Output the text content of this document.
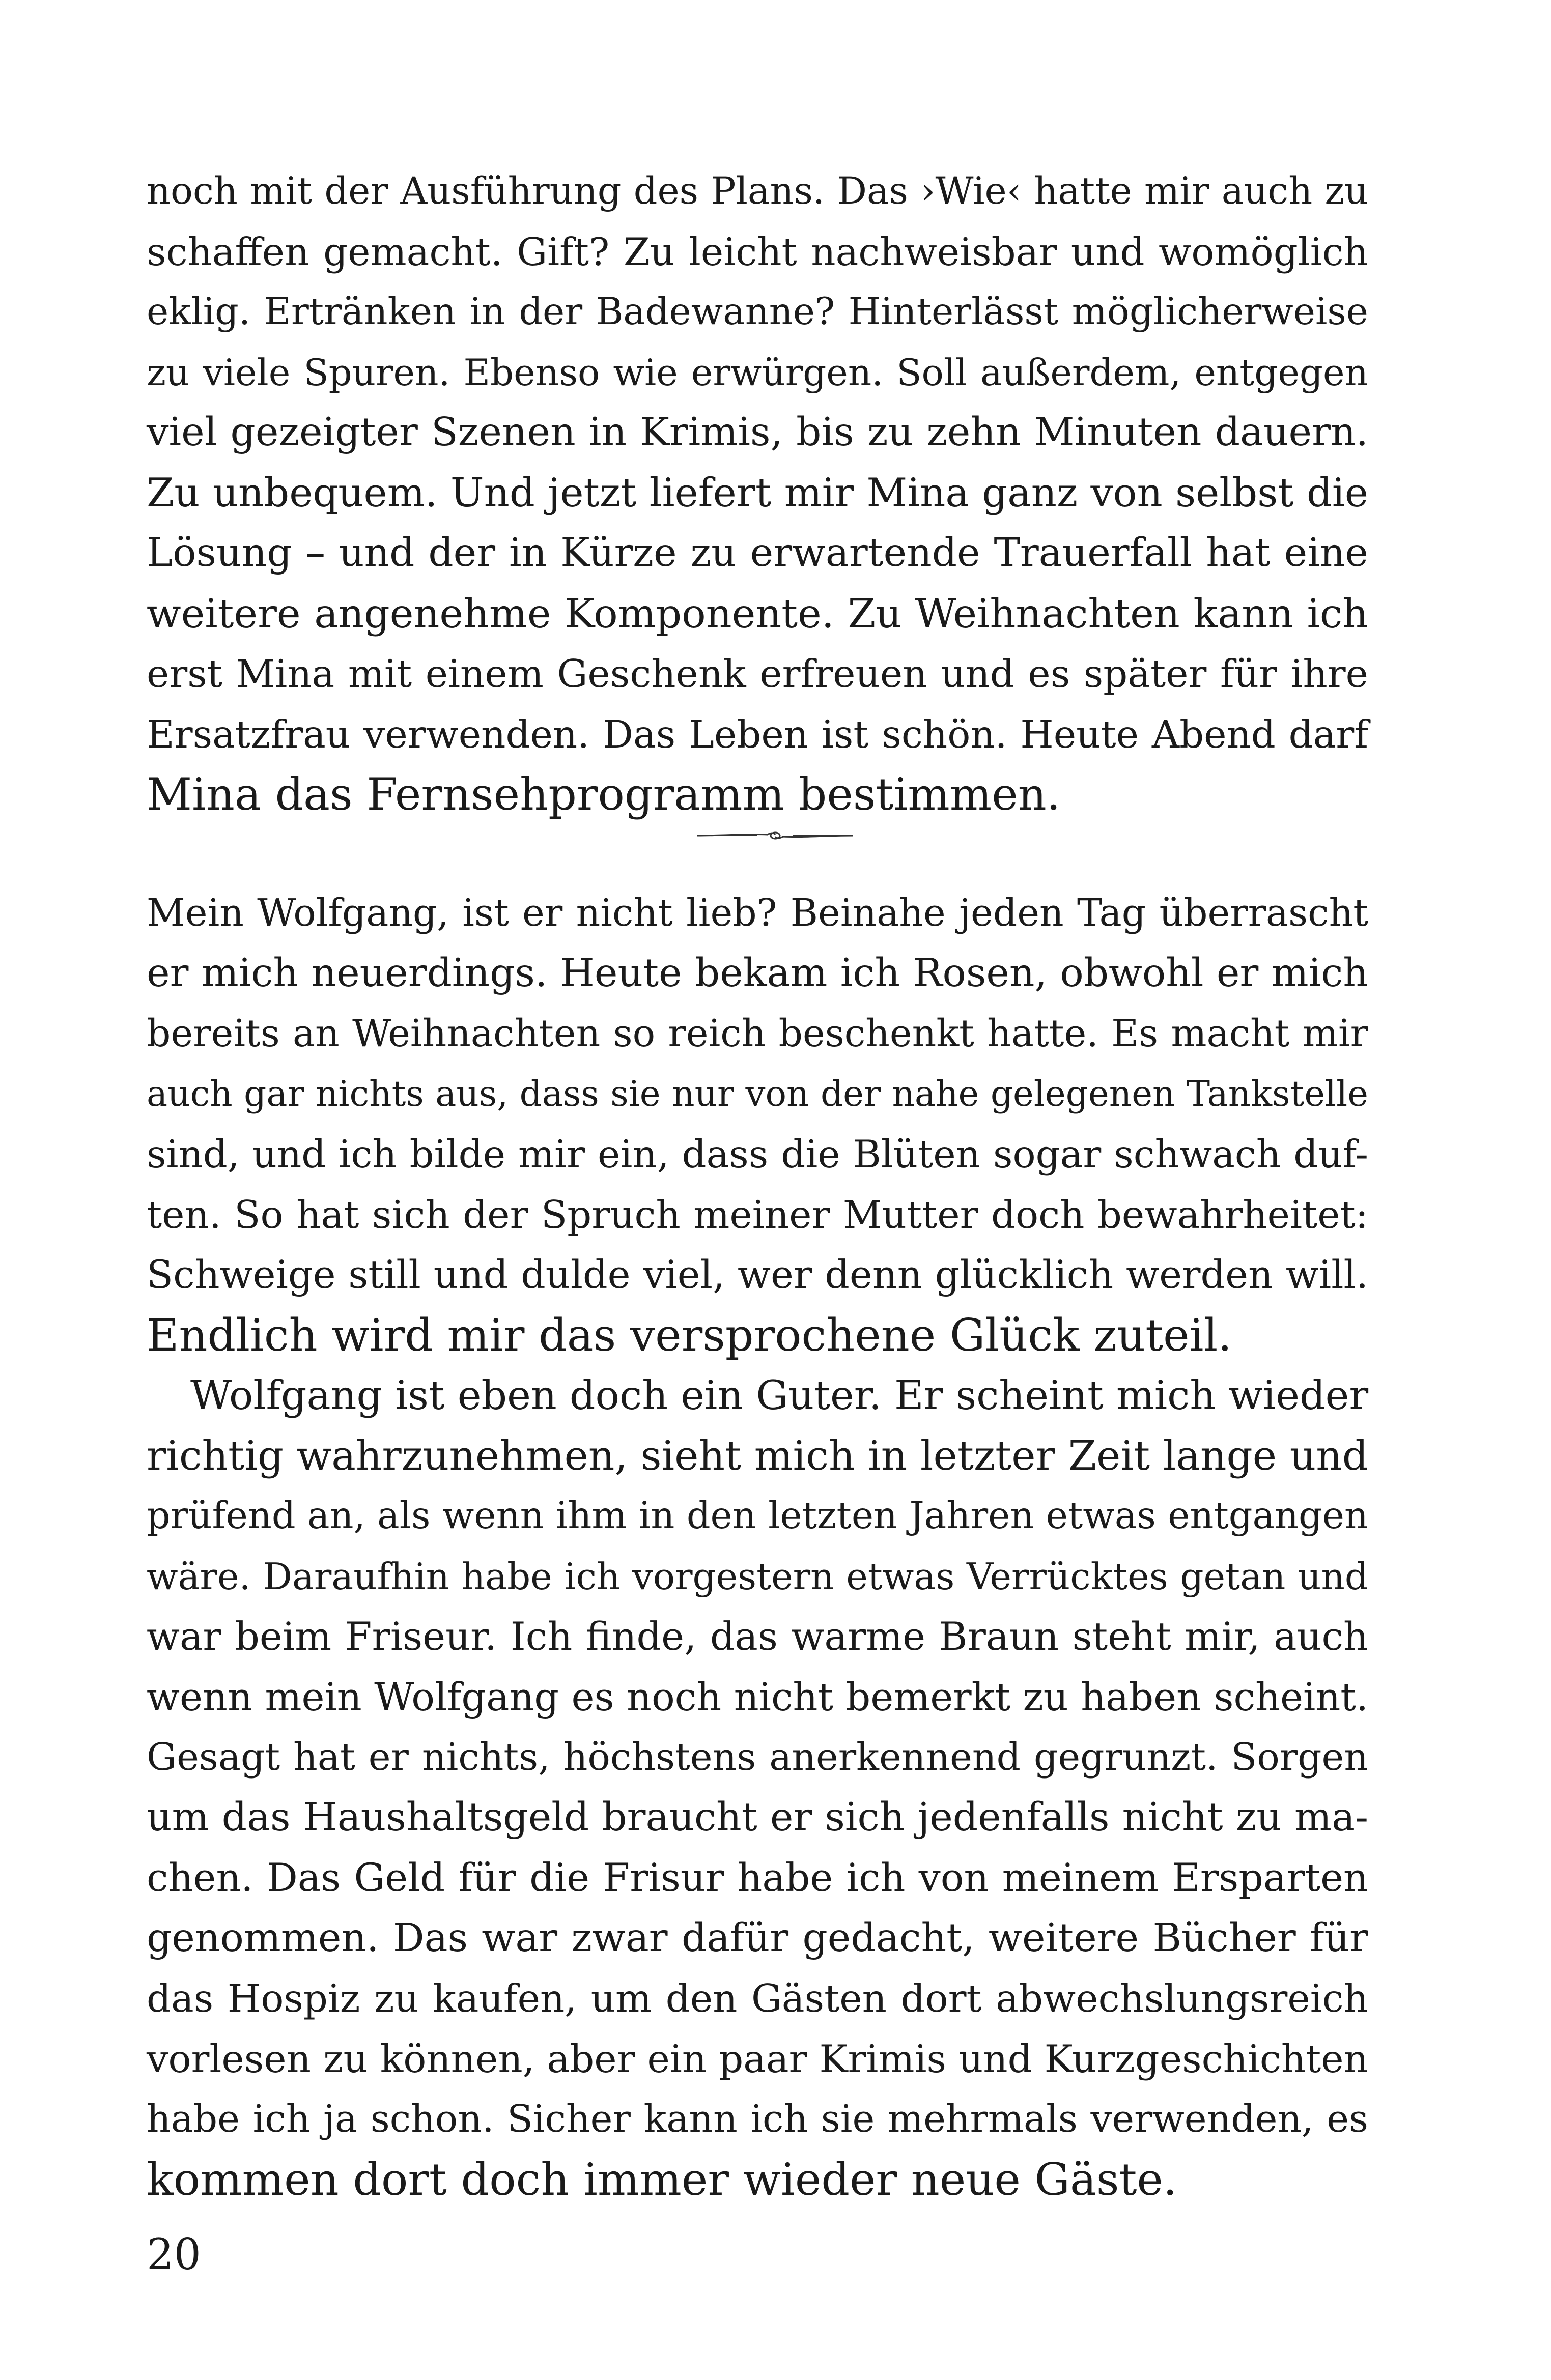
noch mit der Ausführung des Plans. Das ›Wie‹ hatte mir auch zu
schaffen gemacht. Gift? Zu leicht nachweisbar und womöglich
eklig. Ertränken in der Badewanne? Hinterlässt möglicherweise
zu viele Spuren. Ebenso wie erwürgen. Soll außerdem, entgegen
viel gezeigter Szenen in Krimis, bis zu zehn Minuten dauern.
Zu unbequem. Und jetzt liefert mir Mina ganz von selbst die
Lösung – und der in Kürze zu erwartende Trauerfall hat eine
weitere angenehme Komponente. Zu Weihnachten kann ich
erst Mina mit einem Geschenk erfreuen und es später für ihre
Ersatzfrau verwenden. Das Leben ist schön. Heute Abend darf
Mina das Fernsehprogramm bestimmen.
Mein Wolfgang, ist er nicht lieb? Beinahe jeden Tag überrascht
er mich neuerdings. Heute bekam ich Rosen, obwohl er mich
bereits an Weihnachten so reich beschenkt hatte. Es macht mir
auch gar nichts aus, dass sie nur von der nahe gelegenen Tankstelle
sind, und ich bilde mir ein, dass die Blüten sogar schwach duf-
ten. So hat sich der Spruch meiner Mutter doch bewahrheitet:
Schweige still und dulde viel, wer denn glücklich werden will.
Endlich wird mir das versprochene Glück zuteil.
Wolfgang ist eben doch ein Guter. Er scheint mich wieder
richtig wahrzunehmen, sieht mich in letzter Zeit lange und
prüfend an, als wenn ihm in den letzten Jahren etwas entgangen
wäre. Daraufhin habe ich vorgestern etwas Verrücktes getan und
war beim Friseur. Ich finde, das warme Braun steht mir, auch
wenn mein Wolfgang es noch nicht bemerkt zu haben scheint.
Gesagt hat er nichts, höchstens anerkennend gegrunzt. Sorgen
um das Haushaltsgeld braucht er sich jedenfalls nicht zu ma-
chen. Das Geld für die Frisur habe ich von meinem Ersparten
genommen. Das war zwar dafür gedacht, weitere Bücher für
das Hospiz zu kaufen, um den Gästen dort abwechslungsreich
vorlesen zu können, aber ein paar Krimis und Kurzgeschichten
habe ich ja schon. Sicher kann ich sie mehrmals verwenden, es
kommen dort doch immer wieder neue Gäste.
20
